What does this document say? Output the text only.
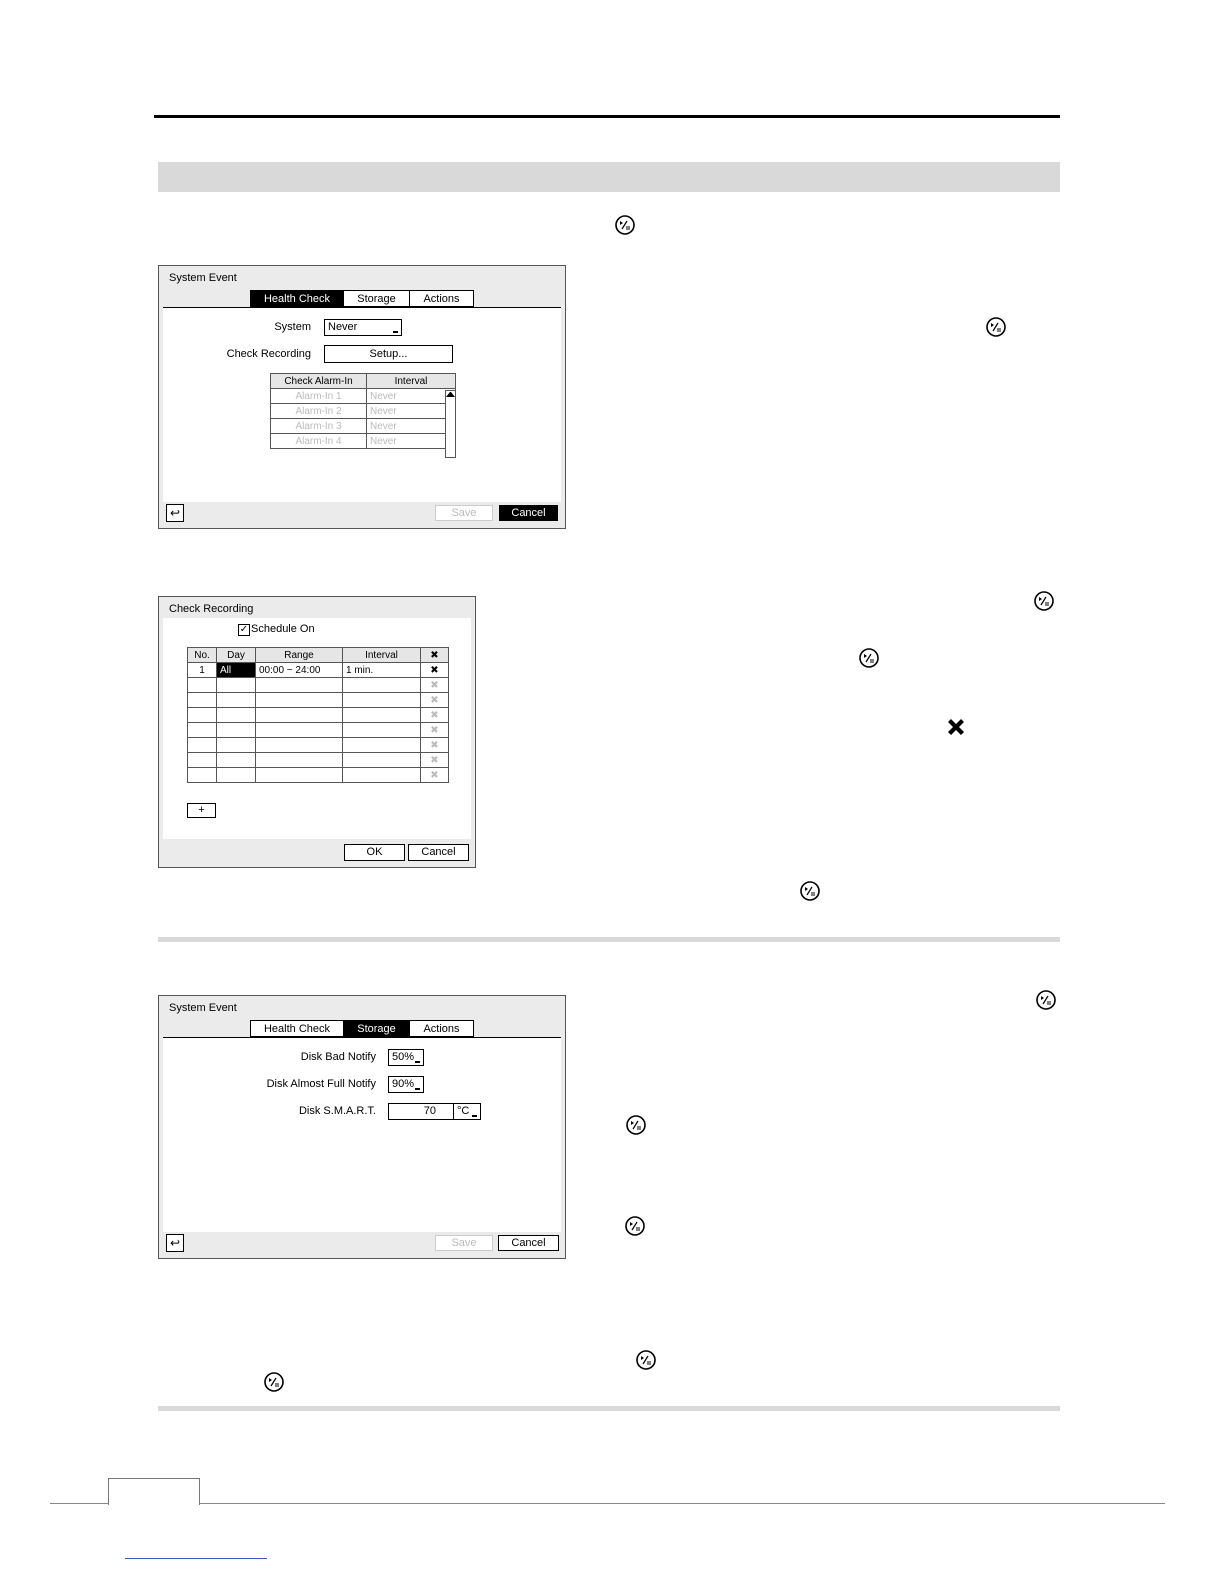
System Event
Health Check	Storage	Actions
System	Never
Check Recording	Setup...
Check Alarm-In	Interval
Alarm-In 1	Never
Alarm-In 2	Never
Alarm-In 3	Never
Alarm-In 4	Never
↩	Save	Cancel
Check Recording
✓ Schedule On
No.	Day	Range	Interval	✖
1	All	00:00 ~ 24:00	1 min.	✖
				✖
				✖
				✖
				✖
				✖
				✖
				✖
+
OK	Cancel
System Event
Health Check	Storage	Actions
Disk Bad Notify	50%
Disk Almost Full Notify	90%
Disk S.M.A.R.T.	70	°C
↩	Save	Cancel
